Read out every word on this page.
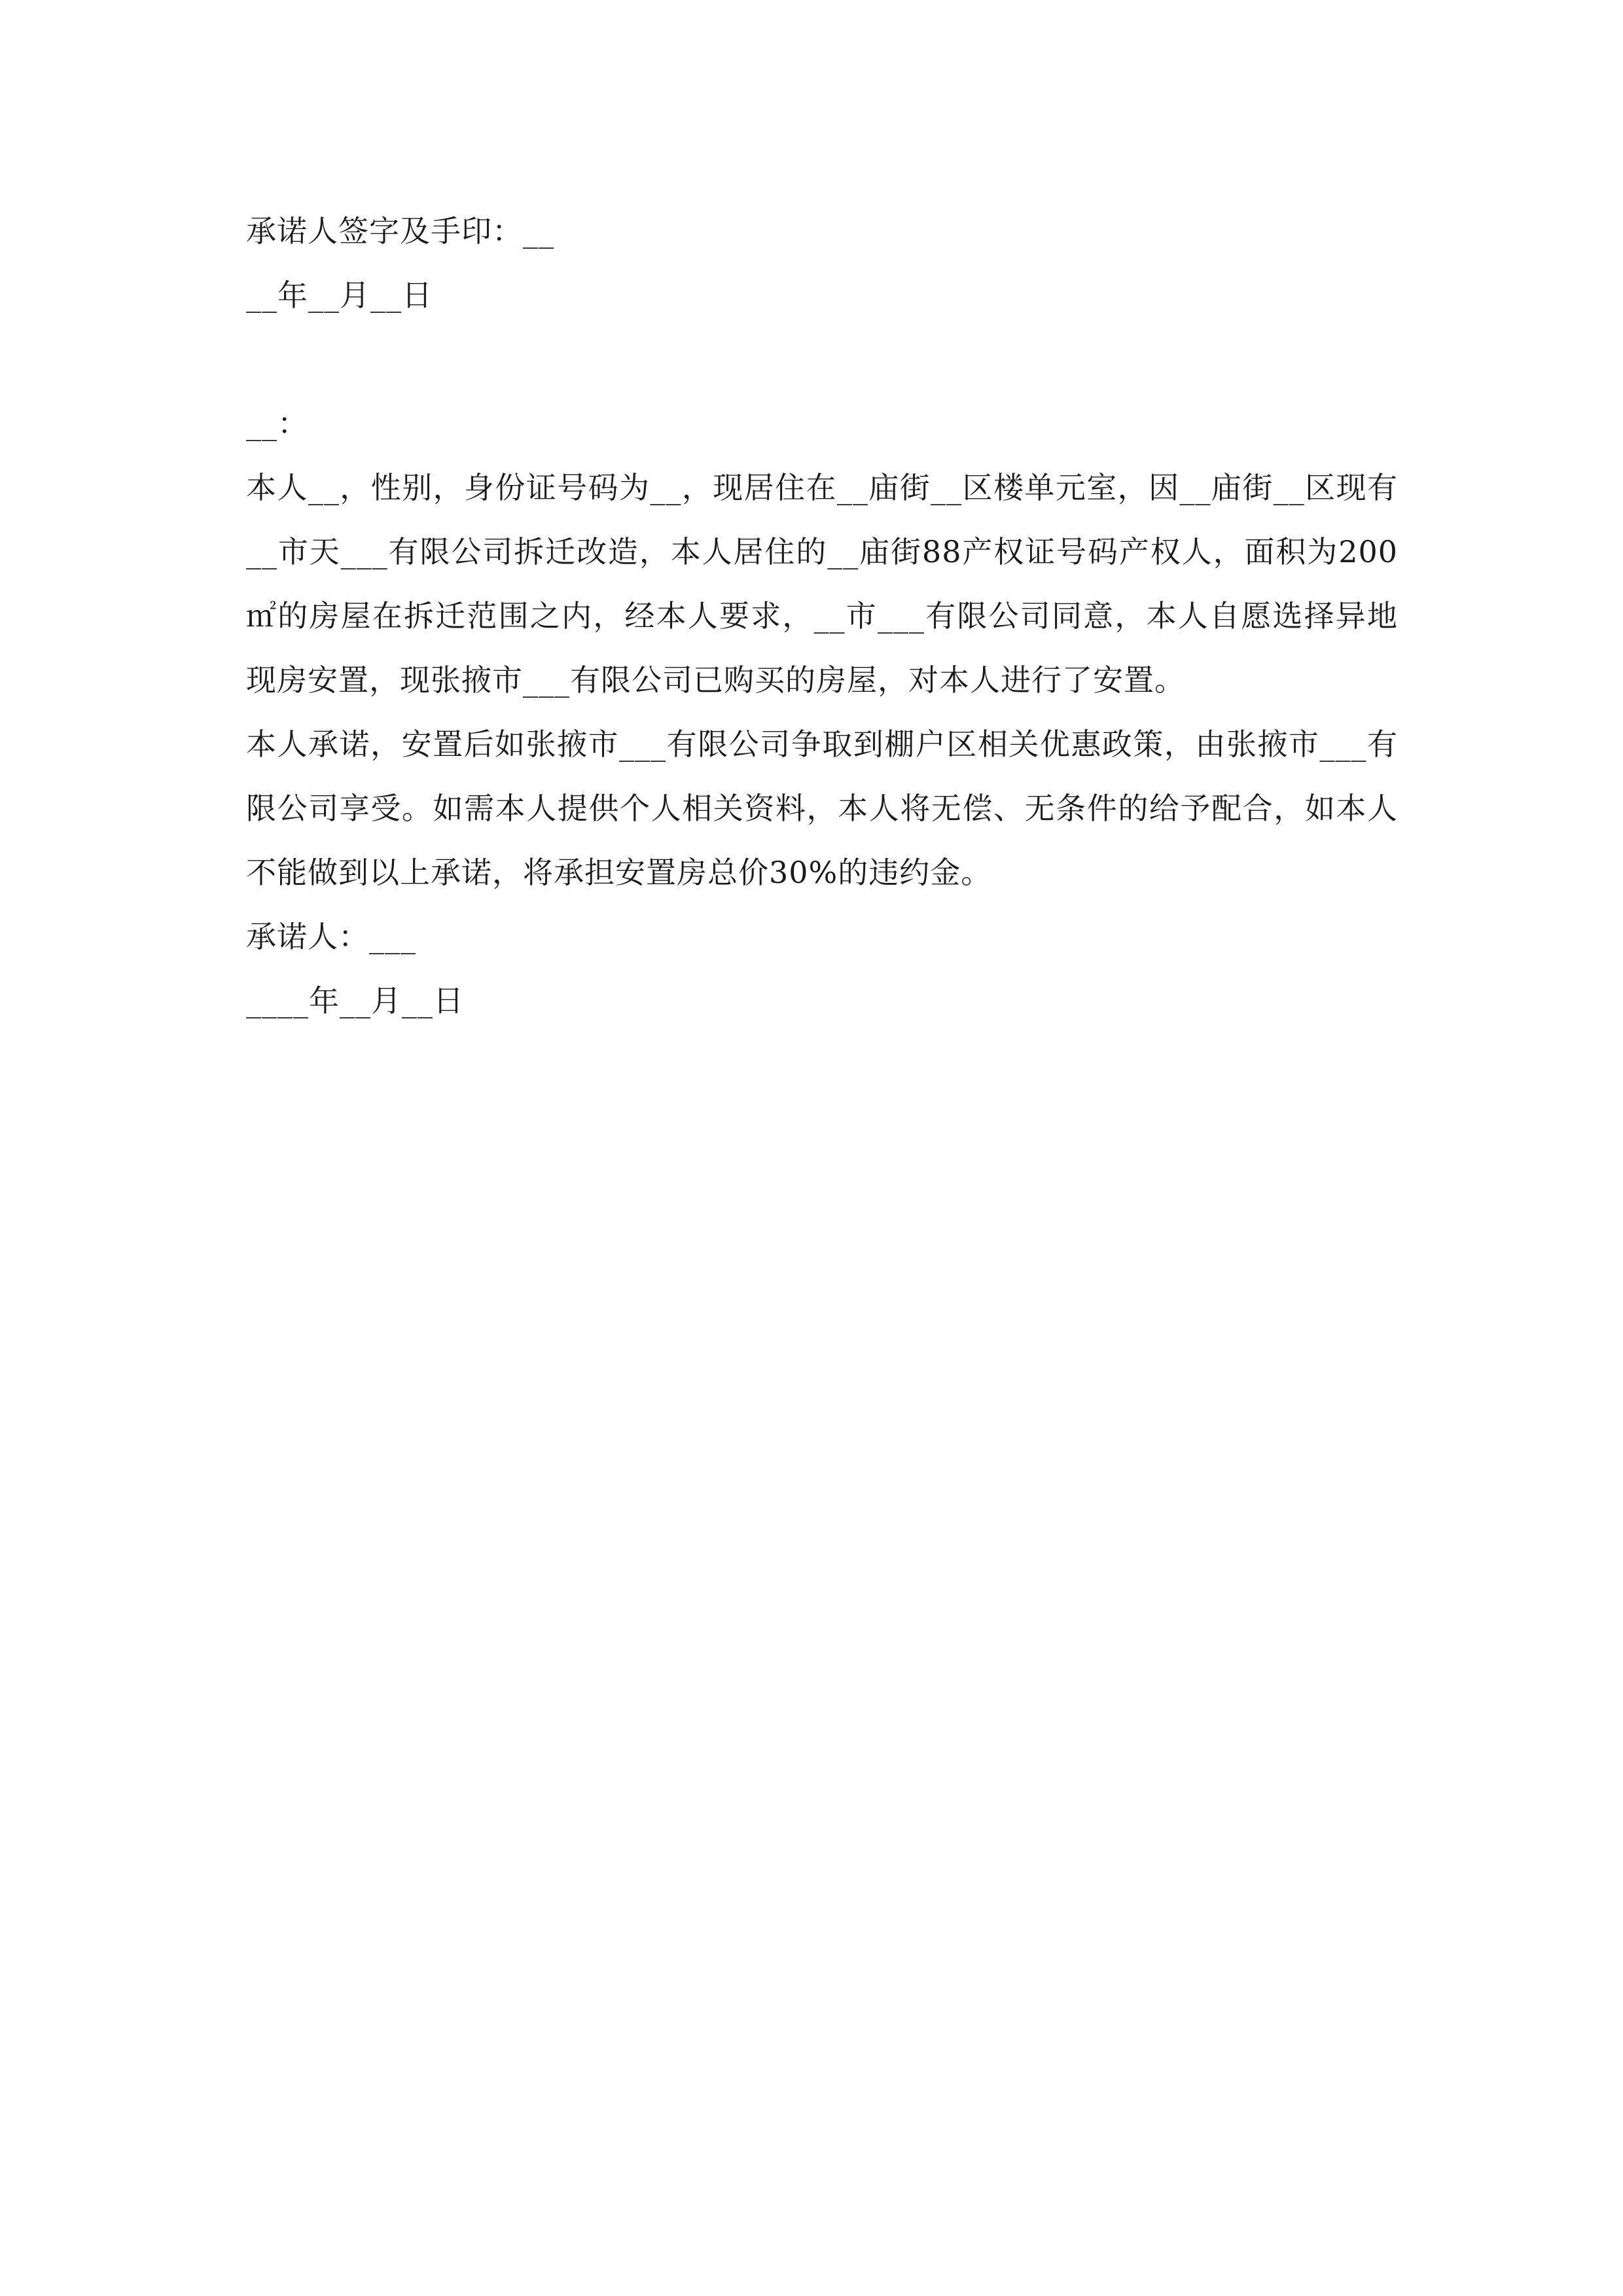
承诺人签字及手印：__
__年__月__日
__：
本人__，性别，身份证号码为__，现居住在__庙街__区楼单元室，因__庙街__区现有__市天___有限公司拆迁改造，本人居住的__庙街88产权证号码产权人，面积为200㎡的房屋在拆迁范围之内，经本人要求，__市___有限公司同意，本人自愿选择异地现房安置，现张掖市___有限公司已购买的房屋，对本人进行了安置。
本人承诺，安置后如张掖市___有限公司争取到棚户区相关优惠政策，由张掖市___有限公司享受。如需本人提供个人相关资料，本人将无偿、无条件的给予配合，如本人不能做到以上承诺，将承担安置房总价30%的违约金。
承诺人：___
____年__月__日
